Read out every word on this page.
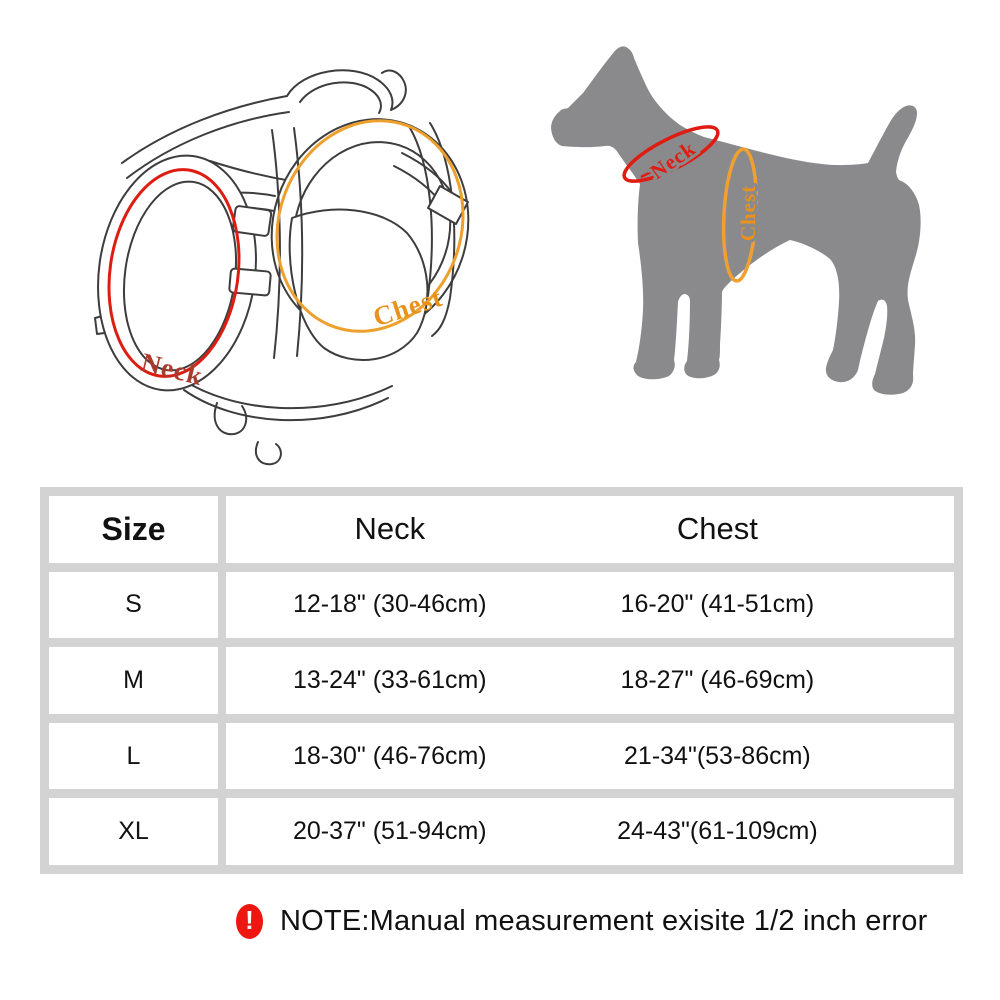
Neck
Chest
Neck
Chest
Size	Neck	Chest
S	12-18" (30-46cm)	16-20" (41-51cm)
M	13-24" (33-61cm)	18-27" (46-69cm)
L	18-30" (46-76cm)	21-34"(53-86cm)
XL	20-37" (51-94cm)	24-43"(61-109cm)
! NOTE:Manual measurement exisite 1/2 inch error
